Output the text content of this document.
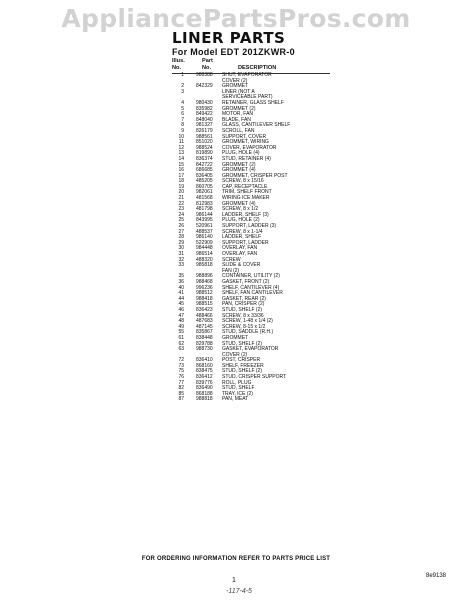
AppliancePartsPros.com
LINER PARTS
For Model EDT 201ZKWR-0
Illus.	Part
No.	No.	DESCRIPTION
1 988388 SHUT, EVAPORATOR
COVER (2)
2 842329 GROMMET
3	LINER (NOT A
SERVICEABLE PART)
4 980430 RETAINER, GLASS SHELF
5 835982 GROMMET (2)
6 849422 MOTOR, FAN
7 848040 BLADE, FAN
8 981327 GLASS, CANTILEVER SHELF
9 826179 SCROLL, FAN
10 988561 SUPPORT, COVER
11 851020 GROMMET, WIRING
12 988524 COVER, EVAPORATOR
13 819890 PLUG, HOLE (4)
14 836374 STUD, RETAINER (4)
15 842722 GROMMET (2)
16 686685 GROMMET (4)
17 836405 GROMMET, CRISPER POST
18 485205 SCREW, 8 x 15/16
19 860705 CAP, RECEPTACLE
20 982061 TRIM, SHELF FRONT
21 481568 WIRING ICE MAKER
22 812983 GROMMET (4)
23 481798 SCREW, 8 x 1/2
24 986144 LADDER, SHELF (3)
25 843995 PLUG, HOLE (2)
26 520961 SUPPORT, LADDER (3)
27 488537 SCREW, 8 x 1-1/4
28 986140 LADDER, SHELF
29 522909 SUPPORT, LADDER
30 984448 OVERLAY, FAN
31 986514 OVERLAY, FAN
32 488320 SCREW
33 985818 SLIDE & COVER
FAN (2)
35 988896 CONTAINER, UTILITY (2)
36 988468 GASKET, FRONT (2)
40 996236 SHELF, CANTILEVER (4)
41 988512 SHELF, FAN CANTILEVER
44 988418 GASKET, REAR (2)
45 988515 PAN, CRISPER (2)
46 836423 STUD, SHELF (2)
47 488466 SCREW, 8 x 33/36
48 487683 SCREW, 1-48 x 1/4 (2)
49 487145 SCREW, 8-15 x 1/2
55 835867 STUD, SADDLE (R.H.)
61 838448 GROMMET
62 829788 STUD, SHELF (2)
63 988730 GASKET, EVAPORATOR
COVER (2)
72 836410 POST, CRISPER
73 868160 SHELF, FREEZER
75 838475 STUD, SHELF (2)
76 836412 STUD, CRISPER SUPPORT
77 839776 ROLL, PLUG
82 836490 STUD, SHELF
85 868188 TRAY, ICE (2)
87 988818 PAN, MEAT
FOR ORDERING INFORMATION REFER TO PARTS PRICE LIST
1
8e9138
-117-4-5
